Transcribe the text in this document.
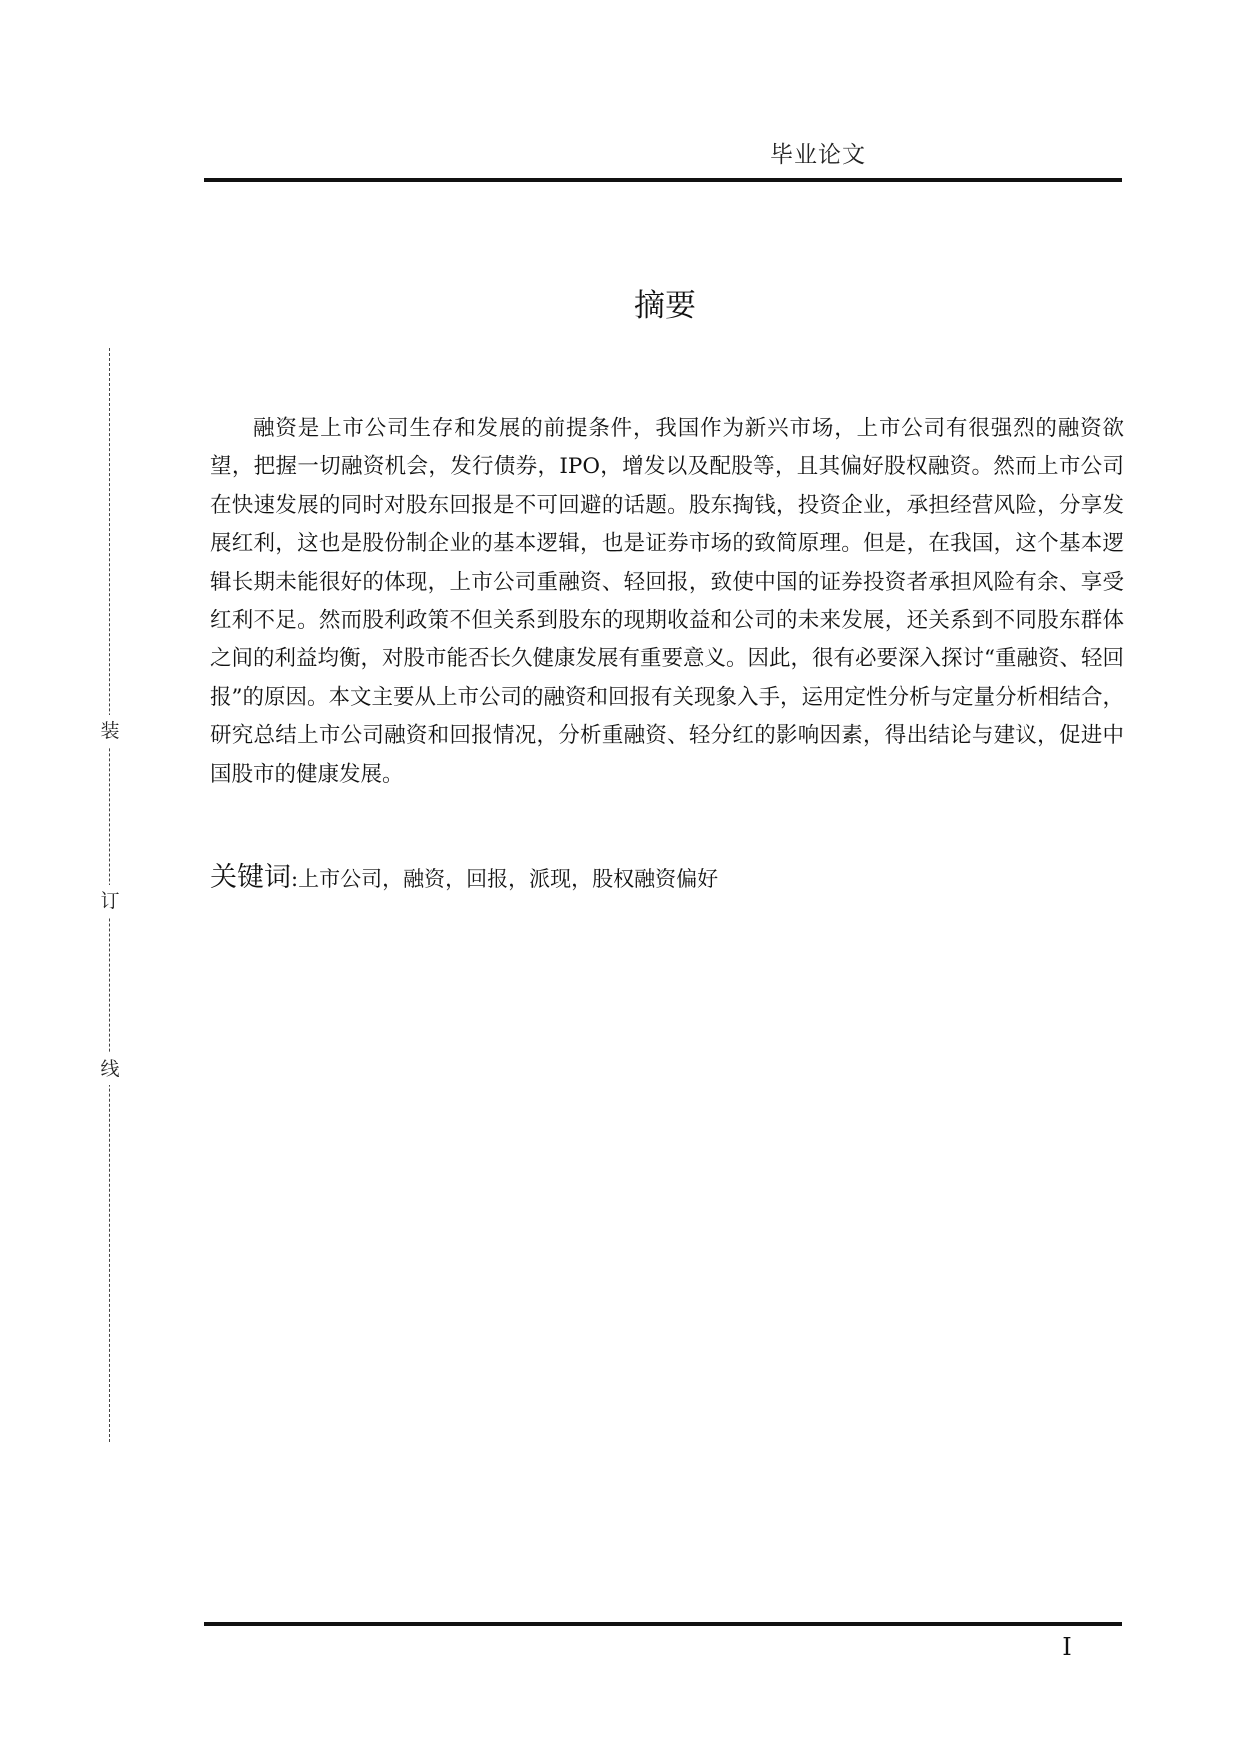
毕业论文
装
订
线
摘要

融资是上市公司生存和发展的前提条件，我国作为新兴市场，上市公司有很强烈的融资欲望，把握一切融资机会，发行债券，IPO，增发以及配股等，且其偏好股权融资。然而上市公司在快速发展的同时对股东回报是不可回避的话题。股东掏钱，投资企业，承担经营风险，分享发展红利，这也是股份制企业的基本逻辑，也是证券市场的致简原理。但是，在我国，这个基本逻辑长期未能很好的体现，上市公司重融资、轻回报，致使中国的证券投资者承担风险有余、享受红利不足。然而股利政策不但关系到股东的现期收益和公司的未来发展，还关系到不同股东群体之间的利益均衡，对股市能否长久健康发展有重要意义。因此，很有必要深入探讨“重融资、轻回报”的原因。本文主要从上市公司的融资和回报有关现象入手，运用定性分析与定量分析相结合，研究总结上市公司融资和回报情况，分析重融资、轻分红的影响因素，得出结论与建议，促进中国股市的健康发展。

关键词:上市公司，融资，回报，派现，股权融资偏好
I
